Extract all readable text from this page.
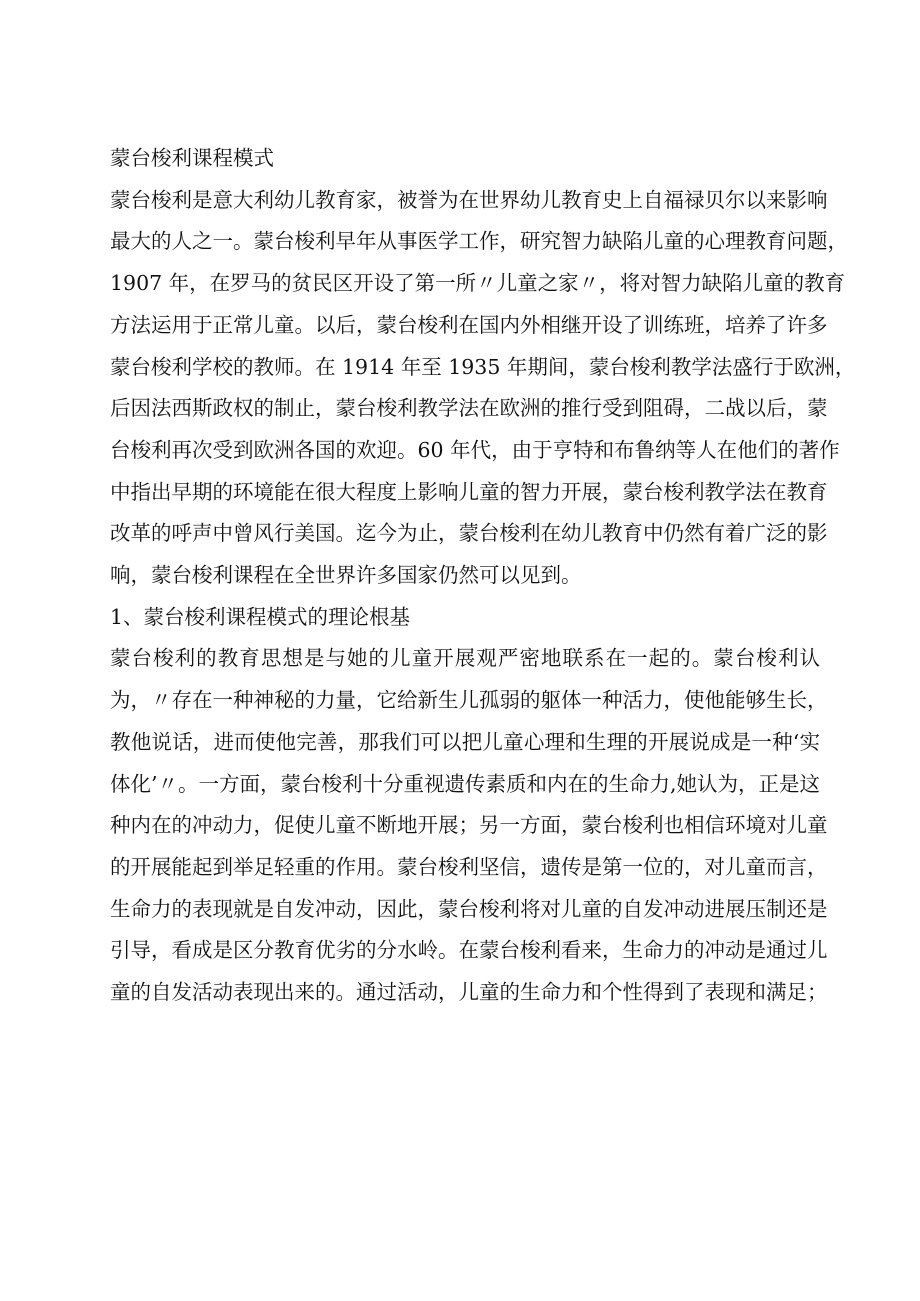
蒙台梭利课程模式

蒙台梭利是意大利幼儿教育家，被誉为在世界幼儿教育史上自福禄贝尔以来影响
最大的人之一。蒙台梭利早年从事医学工作，研究智力缺陷儿童的心理教育问题，
1907 年，在罗马的贫民区开设了第一所〃儿童之家〃，将对智力缺陷儿童的教育
方法运用于正常儿童。以后，蒙台梭利在国内外相继开设了训练班，培养了许多
蒙台梭利学校的教师。在 1914 年至 1935 年期间，蒙台梭利教学法盛行于欧洲，
后因法西斯政权的制止，蒙台梭利教学法在欧洲的推行受到阻碍，二战以后，蒙
台梭利再次受到欧洲各国的欢迎。60 年代，由于亨特和布鲁纳等人在他们的著作
中指出早期的环境能在很大程度上影响儿童的智力开展，蒙台梭利教学法在教育
改革的呼声中曾风行美国。迄今为止，蒙台梭利在幼儿教育中仍然有着广泛的影
响，蒙台梭利课程在全世界许多国家仍然可以见到。

1、蒙台梭利课程模式的理论根基

蒙台梭利的教育思想是与她的儿童开展观严密地联系在一起的。蒙台梭利认
为，〃存在一种神秘的力量，它给新生儿孤弱的躯体一种活力，使他能够生长，
教他说话，进而使他完善，那我们可以把儿童心理和生理的开展说成是一种‘实
体化’〃。一方面，蒙台梭利十分重视遗传素质和内在的生命力,她认为，正是这
种内在的冲动力，促使儿童不断地开展；另一方面，蒙台梭利也相信环境对儿童
的开展能起到举足轻重的作用。蒙台梭利坚信，遗传是第一位的，对儿童而言，
生命力的表现就是自发冲动，因此，蒙台梭利将对儿童的自发冲动进展压制还是
引导，看成是区分教育优劣的分水岭。在蒙台梭利看来，生命力的冲动是通过儿
童的自发活动表现出来的。通过活动，儿童的生命力和个性得到了表现和满足；
